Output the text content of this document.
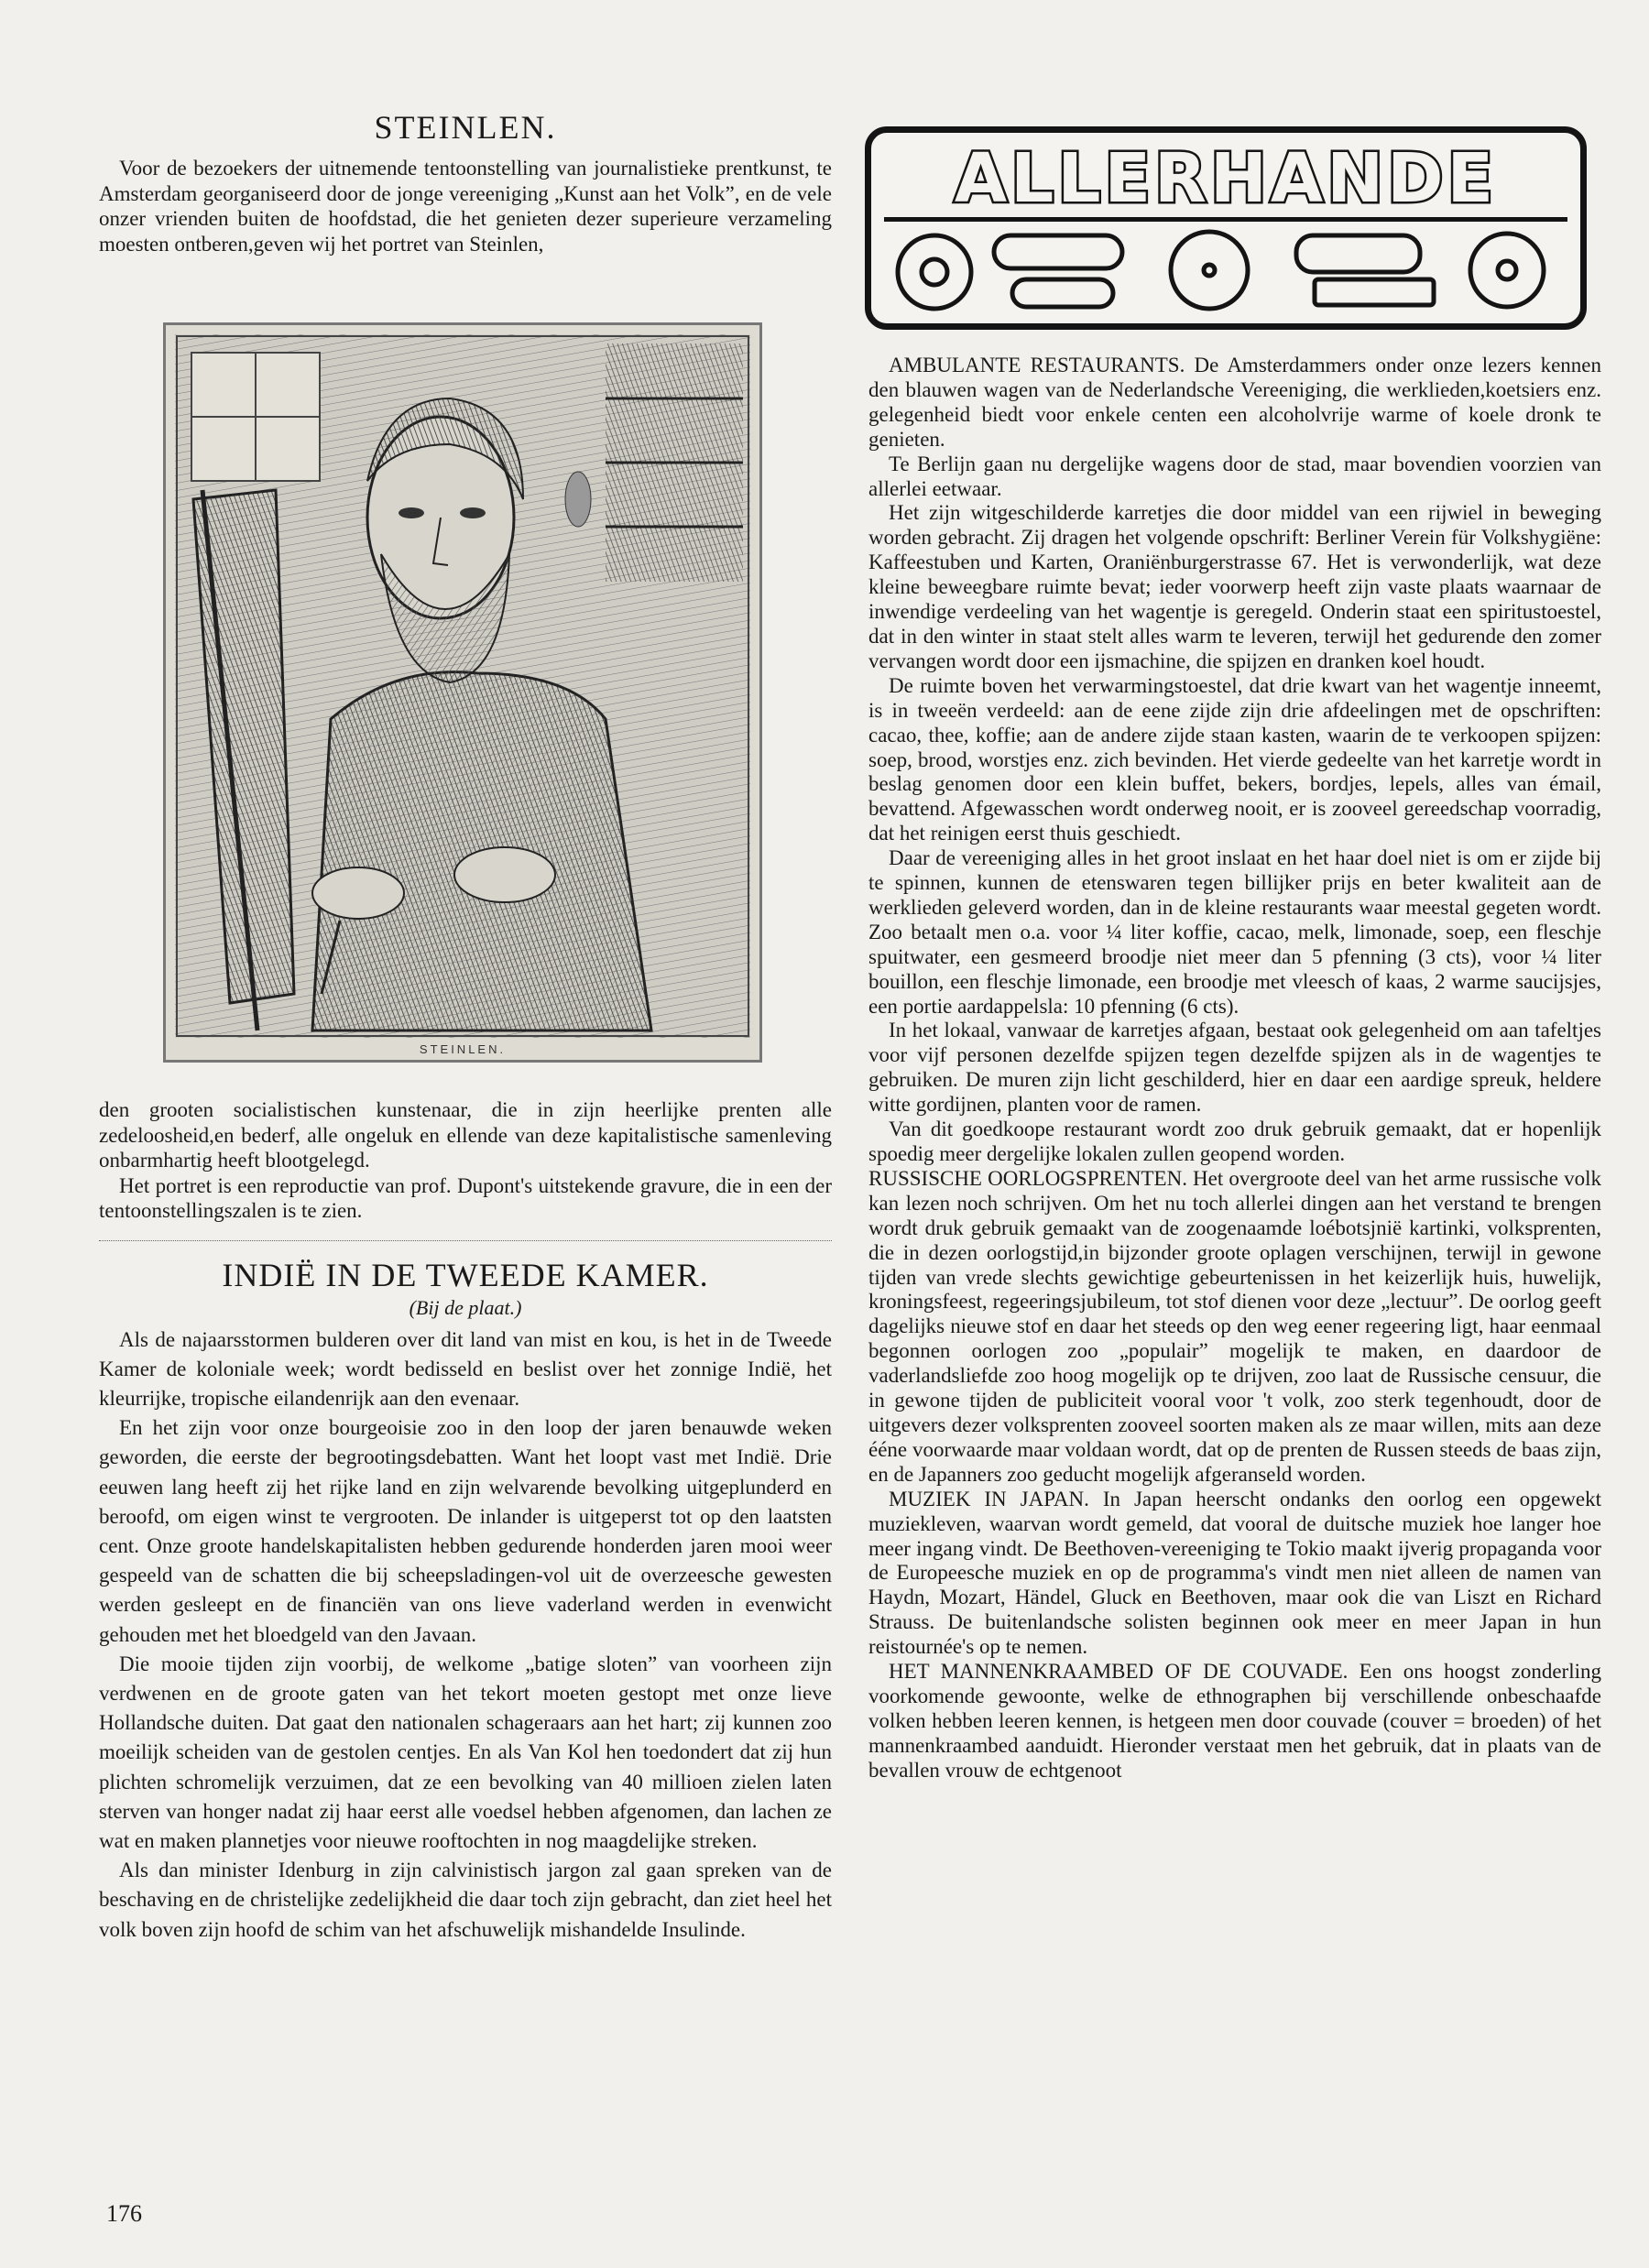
STEINLEN.

Voor de bezoekers der uitnemende tentoonstelling van journalistieke prentkunst, te Amsterdam georganiseerd door de jonge vereeniging „Kunst aan het Volk”, en de vele onzer vrienden buiten de hoofdstad, die het genieten dezer superieure verzameling moesten ontberen,geven wij het portret van Steinlen,

STEINLEN.

den grooten socialistischen kunstenaar, die in zijn heerlijke prenten alle zedeloosheid,en bederf, alle ongeluk en ellende van deze kapitalistische samenleving onbarmhartig heeft blootgelegd.

Het portret is een reproductie van prof. Dupont's uitstekende gravure, die in een der tentoonstellingszalen is te zien.

INDIË IN DE TWEEDE KAMER.
(Bij de plaat.)

Als de najaarsstormen bulderen over dit land van mist en kou, is het in de Tweede Kamer de koloniale week; wordt bedisseld en beslist over het zonnige Indië, het kleurrijke, tropische eilandenrijk aan den evenaar.

En het zijn voor onze bourgeoisie zoo in den loop der jaren benauwde weken geworden, die eerste der begrootingsdebatten. Want het loopt vast met Indië. Drie eeuwen lang heeft zij het rijke land en zijn welvarende bevolking uitgeplunderd en beroofd, om eigen winst te vergrooten. De inlander is uitgeperst tot op den laatsten cent. Onze groote handelskapitalisten hebben gedurende honderden jaren mooi weer gespeeld van de schatten die bij scheepsladingen-vol uit de overzeesche gewesten werden gesleept en de financiën van ons lieve vaderland werden in evenwicht gehouden met het bloedgeld van den Javaan.

Die mooie tijden zijn voorbij, de welkome „batige sloten” van voorheen zijn verdwenen en de groote gaten van het tekort moeten gestopt met onze lieve Hollandsche duiten. Dat gaat den nationalen schageraars aan het hart; zij kunnen zoo moeilijk scheiden van de gestolen centjes. En als Van Kol hen toedondert dat zij hun plichten schromelijk verzuimen, dat ze een bevolking van 40 millioen zielen laten sterven van honger nadat zij haar eerst alle voedsel hebben afgenomen, dan lachen ze wat en maken plannetjes voor nieuwe rooftochten in nog maagdelijke streken.

Als dan minister Idenburg in zijn calvinistisch jargon zal gaan spreken van de beschaving en de christelijke zedelijkheid die daar toch zijn gebracht, dan ziet heel het volk boven zijn hoofd de schim van het afschuwelijk mishandelde Insulinde.

176
ALLERHANDE

AMBULANTE RESTAURANTS. De Amsterdammers onder onze lezers kennen den blauwen wagen van de Nederlandsche Vereeniging, die werklieden,koetsiers enz. gelegenheid biedt voor enkele centen een alcoholvrije warme of koele dronk te genieten.

Te Berlijn gaan nu dergelijke wagens door de stad, maar bovendien voorzien van allerlei eetwaar.

Het zijn witgeschilderde karretjes die door middel van een rijwiel in beweging worden gebracht. Zij dragen het volgende opschrift: Berliner Verein für Volkshygiëne: Kaffeestuben und Karten, Oraniënburgerstrasse 67. Het is verwonderlijk, wat deze kleine beweegbare ruimte bevat; ieder voorwerp heeft zijn vaste plaats waarnaar de inwendige verdeeling van het wagentje is geregeld. Onderin staat een spiritustoestel, dat in den winter in staat stelt alles warm te leveren, terwijl het gedurende den zomer vervangen wordt door een ijsmachine, die spijzen en dranken koel houdt.

De ruimte boven het verwarmingstoestel, dat drie kwart van het wagentje inneemt, is in tweeën verdeeld: aan de eene zijde zijn drie afdeelingen met de opschriften: cacao, thee, koffie; aan de andere zijde staan kasten, waarin de te verkoopen spijzen: soep, brood, worstjes enz. zich bevinden. Het vierde gedeelte van het karretje wordt in beslag genomen door een klein buffet, bekers, bordjes, lepels, alles van émail, bevattend. Afgewasschen wordt onderweg nooit, er is zooveel gereedschap voorradig, dat het reinigen eerst thuis geschiedt.

Daar de vereeniging alles in het groot inslaat en het haar doel niet is om er zijde bij te spinnen, kunnen de etenswaren tegen billijker prijs en beter kwaliteit aan de werklieden geleverd worden, dan in de kleine restaurants waar meestal gegeten wordt. Zoo betaalt men o.a. voor ¼ liter koffie, cacao, melk, limonade, soep, een fleschje spuitwater, een gesmeerd broodje niet meer dan 5 pfenning (3 cts), voor ¼ liter bouillon, een fleschje limonade, een broodje met vleesch of kaas, 2 warme saucijsjes, een portie aardappelsla: 10 pfenning (6 cts).

In het lokaal, vanwaar de karretjes afgaan, bestaat ook gelegenheid om aan tafeltjes voor vijf personen dezelfde spijzen tegen dezelfde spijzen als in de wagentjes te gebruiken. De muren zijn licht geschilderd, hier en daar een aardige spreuk, heldere witte gordijnen, planten voor de ramen.

Van dit goedkoope restaurant wordt zoo druk gebruik gemaakt, dat er hopenlijk spoedig meer dergelijke lokalen zullen geopend worden.

RUSSISCHE OORLOGSPRENTEN. Het overgroote deel van het arme russische volk kan lezen noch schrijven. Om het nu toch allerlei dingen aan het verstand te brengen wordt druk gebruik gemaakt van de zoogenaamde loébotsjnië kartinki, volksprenten, die in dezen oorlogstijd,in bijzonder groote oplagen verschijnen, terwijl in gewone tijden van vrede slechts gewichtige gebeurtenissen in het keizerlijk huis, huwelijk, kroningsfeest, regeeringsjubileum, tot stof dienen voor deze „lectuur”. De oorlog geeft dagelijks nieuwe stof en daar het steeds op den weg eener regeering ligt, haar eenmaal begonnen oorlogen zoo „populair” mogelijk te maken, en daardoor de vaderlandsliefde zoo hoog mogelijk op te drijven, zoo laat de Russische censuur, die in gewone tijden de publiciteit vooral voor 't volk, zoo sterk tegenhoudt, door de uitgevers dezer volksprenten zooveel soorten maken als ze maar willen, mits aan deze ééne voorwaarde maar voldaan wordt, dat op de prenten de Russen steeds de baas zijn, en de Japanners zoo geducht mogelijk afgeranseld worden.

MUZIEK IN JAPAN. In Japan heerscht ondanks den oorlog een opgewekt muziekleven, waarvan wordt gemeld, dat vooral de duitsche muziek hoe langer hoe meer ingang vindt. De Beethoven-vereeniging te Tokio maakt ijverig propaganda voor de Europeesche muziek en op de programma's vindt men niet alleen de namen van Haydn, Mozart, Händel, Gluck en Beethoven, maar ook die van Liszt en Richard Strauss. De buitenlandsche solisten beginnen ook meer en meer Japan in hun reistournée's op te nemen.

HET MANNENKRAAMBED OF DE COUVADE. Een ons hoogst zonderling voorkomende gewoonte, welke de ethnographen bij verschillende onbeschaafde volken hebben leeren kennen, is hetgeen men door couvade (couver = broeden) of het mannenkraambed aanduidt. Hieronder verstaat men het gebruik, dat in plaats van de bevallen vrouw de echtgenoot
